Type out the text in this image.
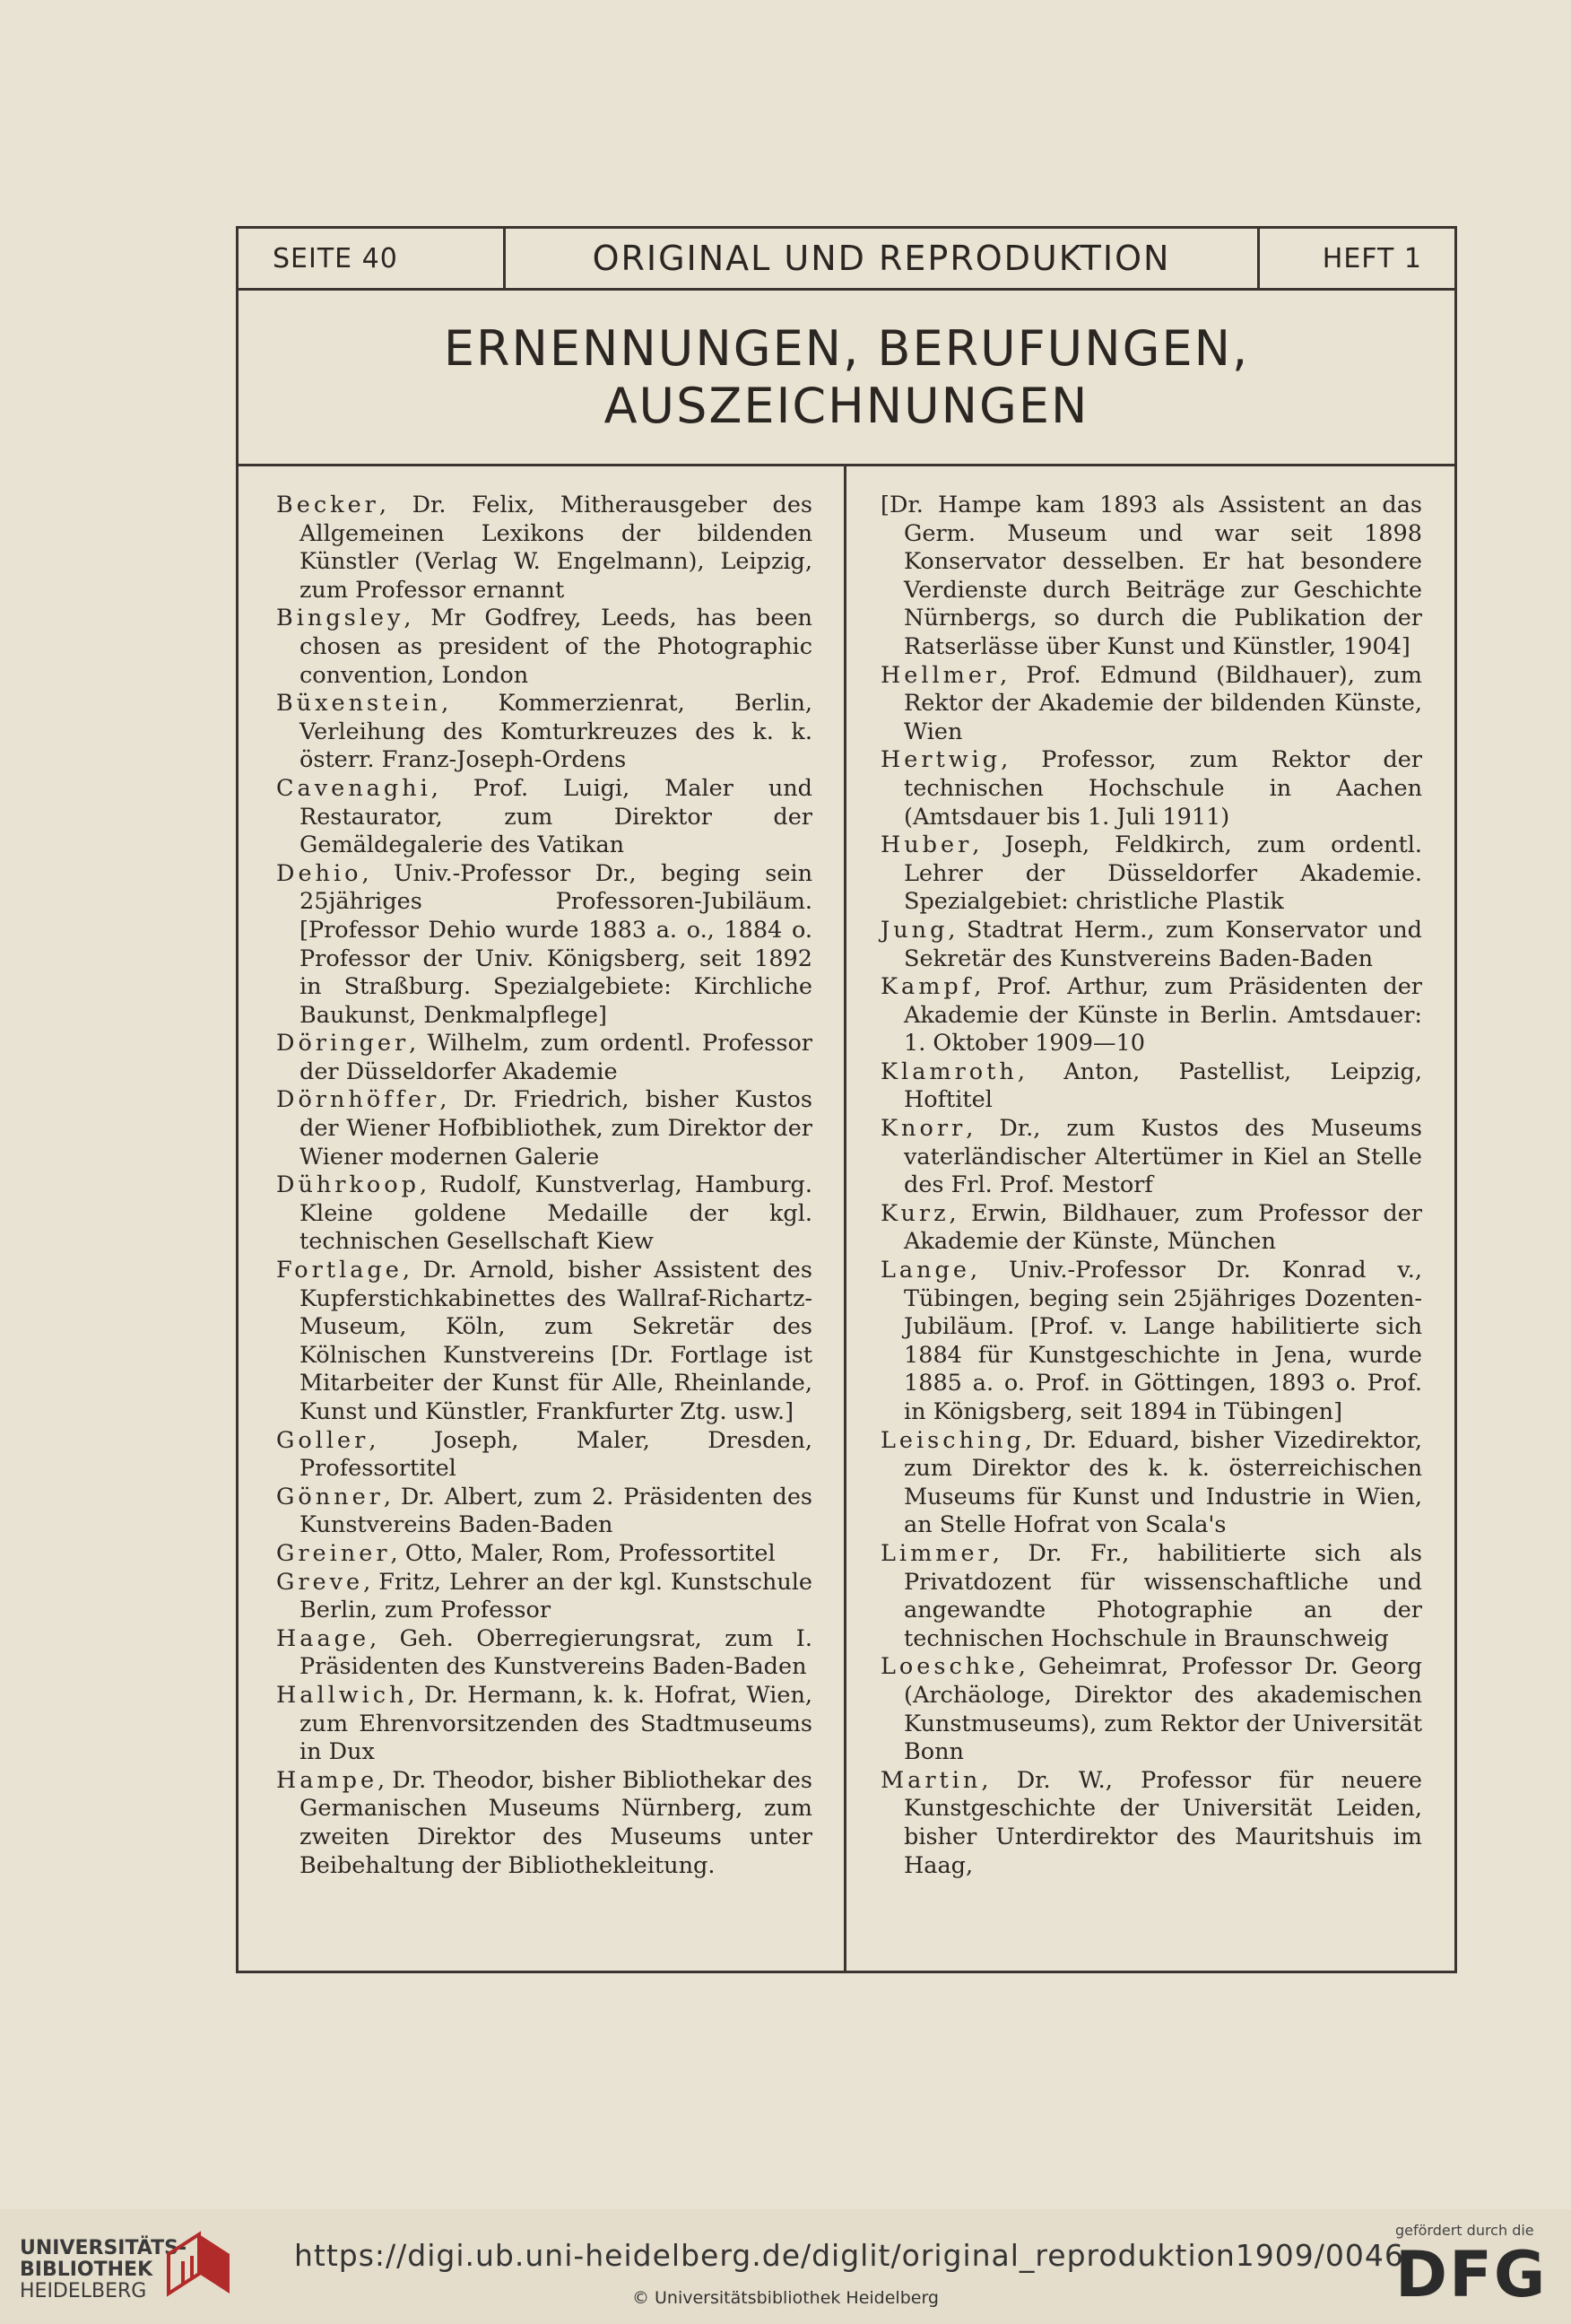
SEITE 40	ORIGINAL UND REPRODUKTION	HEFT 1
ERNENNUNGEN, BERUFUNGEN,
AUSZEICHNUNGEN

Becker, Dr. Felix, Mitherausgeber des Allgemeinen Lexikons der bildenden Künstler (Verlag W. Engelmann), Leipzig, zum Professor ernannt

Bingsley, Mr Godfrey, Leeds, has been chosen as president of the Photographic convention, London

Büxenstein, Kommerzienrat, Berlin, Verleihung des Komturkreuzes des k. k. österr. Franz-Joseph-Ordens

Cavenaghi, Prof. Luigi, Maler und Restaurator, zum Direktor der Gemäldegalerie des Vatikan

Dehio, Univ.-Professor Dr., beging sein 25jähriges Professoren-Jubiläum. [Professor Dehio wurde 1883 a. o., 1884 o. Professor der Univ. Königsberg, seit 1892 in Straßburg. Spezialgebiete: Kirchliche Baukunst, Denkmalpflege]

Döringer, Wilhelm, zum ordentl. Professor der Düsseldorfer Akademie

Dörnhöffer, Dr. Friedrich, bisher Kustos der Wiener Hofbibliothek, zum Direktor der Wiener modernen Galerie

Dührkoop, Rudolf, Kunstverlag, Hamburg. Kleine goldene Medaille der kgl. technischen Gesellschaft Kiew

Fortlage, Dr. Arnold, bisher Assistent des Kupferstichkabinettes des Wallraf-Richartz-Museum, Köln, zum Sekretär des Kölnischen Kunstvereins [Dr. Fortlage ist Mitarbeiter der Kunst für Alle, Rheinlande, Kunst und Künstler, Frankfurter Ztg. usw.]

Goller, Joseph, Maler, Dresden, Professortitel

Gönner, Dr. Albert, zum 2. Präsidenten des Kunstvereins Baden-Baden

Greiner, Otto, Maler, Rom, Professortitel

Greve, Fritz, Lehrer an der kgl. Kunstschule Berlin, zum Professor

Haage, Geh. Oberregierungsrat, zum I. Präsidenten des Kunstvereins Baden-Baden

Hallwich, Dr. Hermann, k. k. Hofrat, Wien, zum Ehrenvorsitzenden des Stadtmuseums in Dux

Hampe, Dr. Theodor, bisher Bibliothekar des Germanischen Museums Nürnberg, zum zweiten Direktor des Museums unter Beibehaltung der Bibliothekleitung.

[Dr. Hampe kam 1893 als Assistent an das Germ. Museum und war seit 1898 Konservator desselben. Er hat besondere Verdienste durch Beiträge zur Geschichte Nürnbergs, so durch die Publikation der Ratserlässe über Kunst und Künstler, 1904]

Hellmer, Prof. Edmund (Bildhauer), zum Rektor der Akademie der bildenden Künste, Wien

Hertwig, Professor, zum Rektor der technischen Hochschule in Aachen (Amtsdauer bis 1. Juli 1911)

Huber, Joseph, Feldkirch, zum ordentl. Lehrer der Düsseldorfer Akademie. Spezialgebiet: christliche Plastik

Jung, Stadtrat Herm., zum Konservator und Sekretär des Kunstvereins Baden-Baden

Kampf, Prof. Arthur, zum Präsidenten der Akademie der Künste in Berlin. Amtsdauer: 1. Oktober 1909—10

Klamroth, Anton, Pastellist, Leipzig, Hoftitel

Knorr, Dr., zum Kustos des Museums vaterländischer Altertümer in Kiel an Stelle des Frl. Prof. Mestorf

Kurz, Erwin, Bildhauer, zum Professor der Akademie der Künste, München

Lange, Univ.-Professor Dr. Konrad v., Tübingen, beging sein 25jähriges Dozenten-Jubiläum. [Prof. v. Lange habilitierte sich 1884 für Kunstgeschichte in Jena, wurde 1885 a. o. Prof. in Göttingen, 1893 o. Prof. in Königsberg, seit 1894 in Tübingen]

Leisching, Dr. Eduard, bisher Vizedirektor, zum Direktor des k. k. österreichischen Museums für Kunst und Industrie in Wien, an Stelle Hofrat von Scala's

Limmer, Dr. Fr., habilitierte sich als Privatdozent für wissenschaftliche und angewandte Photographie an der technischen Hochschule in Braunschweig

Loeschke, Geheimrat, Professor Dr. Georg (Archäologe, Direktor des akademischen Kunstmuseums), zum Rektor der Universität Bonn

Martin, Dr. W., Professor für neuere Kunstgeschichte der Universität Leiden, bisher Unterdirektor des Mauritshuis im Haag,

UNIVERSITÄTS-
BIBLIOTHEK
HEIDELBERG
https://digi.ub.uni-heidelberg.de/diglit/original_reproduktion1909/0046
© Universitätsbibliothek Heidelberg
gefördert durch die
DFG
